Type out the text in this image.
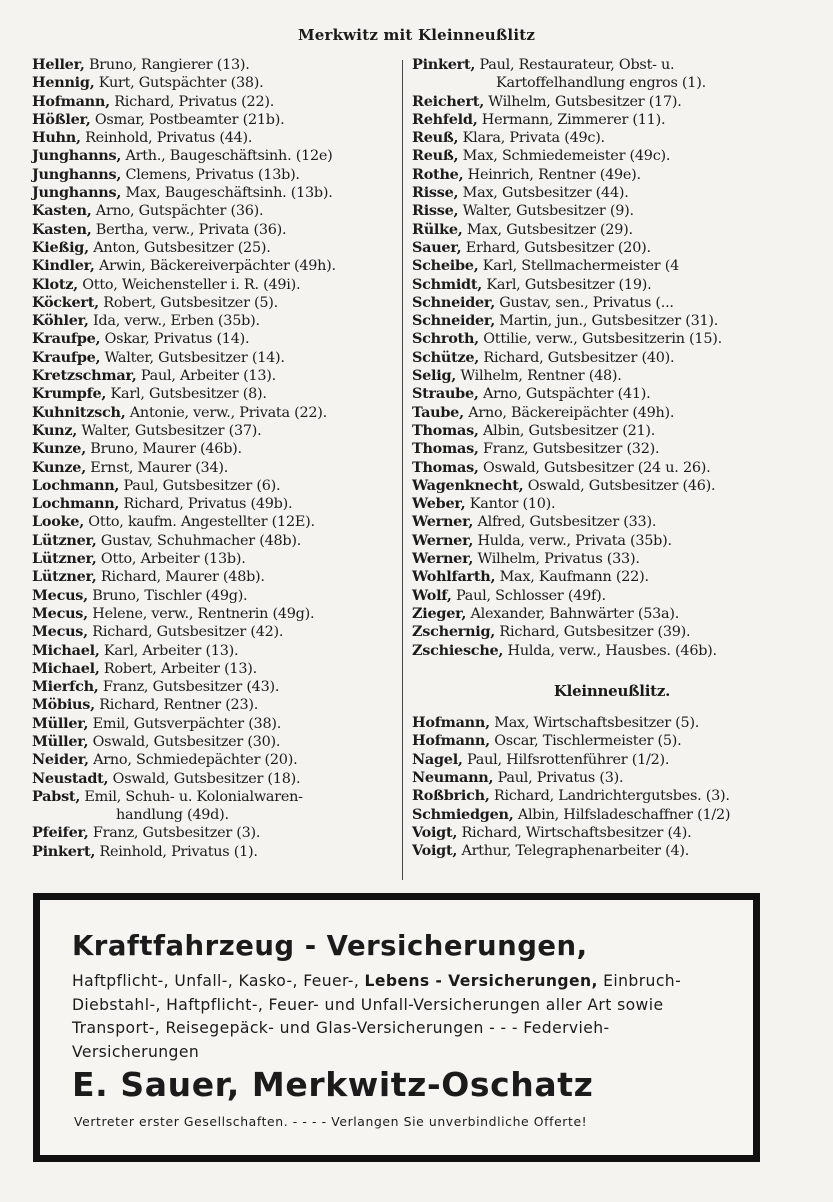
Merkwitz mit Kleinneußlitz
Heller, Bruno, Rangierer (13).
Hennig, Kurt, Gutspächter (38).
Hofmann, Richard, Privatus (22).
Hößler, Osmar, Postbeamter (21b).
Huhn, Reinhold, Privatus (44).
Junghanns, Arth., Baugeschäftsinh. (12e)
Junghanns, Clemens, Privatus (13b).
Junghanns, Max, Baugeschäftsinh. (13b).
Kasten, Arno, Gutspächter (36).
Kasten, Bertha, verw., Privata (36).
Kießig, Anton, Gutsbesitzer (25).
Kindler, Arwin, Bäckereiverpächter (49h).
Klotz, Otto, Weichensteller i. R. (49i).
Köckert, Robert, Gutsbesitzer (5).
Köhler, Ida, verw., Erben (35b).
Kraufpe, Oskar, Privatus (14).
Kraufpe, Walter, Gutsbesitzer (14).
Kretzschmar, Paul, Arbeiter (13).
Krumpfe, Karl, Gutsbesitzer (8).
Kuhnitzsch, Antonie, verw., Privata (22).
Kunz, Walter, Gutsbesitzer (37).
Kunze, Bruno, Maurer (46b).
Kunze, Ernst, Maurer (34).
Lochmann, Paul, Gutsbesitzer (6).
Lochmann, Richard, Privatus (49b).
Looke, Otto, kaufm. Angestellter (12E).
Lützner, Gustav, Schuhmacher (48b).
Lützner, Otto, Arbeiter (13b).
Lützner, Richard, Maurer (48b).
Mecus, Bruno, Tischler (49g).
Mecus, Helene, verw., Rentnerin (49g).
Mecus, Richard, Gutsbesitzer (42).
Michael, Karl, Arbeiter (13).
Michael, Robert, Arbeiter (13).
Mierfch, Franz, Gutsbesitzer (43).
Möbius, Richard, Rentner (23).
Müller, Emil, Gutsverpächter (38).
Müller, Oswald, Gutsbesitzer (30).
Neider, Arno, Schmiedepächter (20).
Neustadt, Oswald, Gutsbesitzer (18).
Pabst, Emil, Schuh- u. Kolonialwaren-
handlung (49d).
Pfeifer, Franz, Gutsbesitzer (3).
Pinkert, Reinhold, Privatus (1).
Pinkert, Paul, Restaurateur, Obst- u.
Kartoffelhandlung engros (1).
Reichert, Wilhelm, Gutsbesitzer (17).
Rehfeld, Hermann, Zimmerer (11).
Reuß, Klara, Privata (49c).
Reuß, Max, Schmiedemeister (49c).
Rothe, Heinrich, Rentner (49e).
Risse, Max, Gutsbesitzer (44).
Risse, Walter, Gutsbesitzer (9).
Rülke, Max, Gutsbesitzer (29).
Sauer, Erhard, Gutsbesitzer (20).
Scheibe, Karl, Stellmachermeister (4
Schmidt, Karl, Gutsbesitzer (19).
Schneider, Gustav, sen., Privatus (...
Schneider, Martin, jun., Gutsbesitzer (31).
Schroth, Ottilie, verw., Gutsbesitzerin (15).
Schütze, Richard, Gutsbesitzer (40).
Selig, Wilhelm, Rentner (48).
Straube, Arno, Gutspächter (41).
Taube, Arno, Bäckereipächter (49h).
Thomas, Albin, Gutsbesitzer (21).
Thomas, Franz, Gutsbesitzer (32).
Thomas, Oswald, Gutsbesitzer (24 u. 26).
Wagenknecht, Oswald, Gutsbesitzer (46).
Weber, Kantor (10).
Werner, Alfred, Gutsbesitzer (33).
Werner, Hulda, verw., Privata (35b).
Werner, Wilhelm, Privatus (33).
Wohlfarth, Max, Kaufmann (22).
Wolf, Paul, Schlosser (49f).
Zieger, Alexander, Bahnwärter (53a).
Zschernig, Richard, Gutsbesitzer (39).
Zschiesche, Hulda, verw., Hausbes. (46b).
Kleinneußlitz.
Hofmann, Max, Wirtschaftsbesitzer (5).
Hofmann, Oscar, Tischlermeister (5).
Nagel, Paul, Hilfsrottenführer (1/2).
Neumann, Paul, Privatus (3).
Roßbrich, Richard, Landrichtergutsbes. (3).
Schmiedgen, Albin, Hilfsladeschaffner (1/2)
Voigt, Richard, Wirtschaftsbesitzer (4).
Voigt, Arthur, Telegraphenarbeiter (4).
Kraftfahrzeug - Versicherungen,
Haftpflicht-, Unfall-, Kasko-, Feuer-, Lebens - Versicherungen, Einbruch-Diebstahl-, Haftpflicht-, Feuer- und Unfall-Versicherungen aller Art sowie Transport-, Reisegepäck- und Glas-Versicherungen - - - Federvieh-Versicherungen
E. Sauer, Merkwitz-Oschatz
Vertreter erster Gesellschaften. - - - - Verlangen Sie unverbindliche Offerte!
